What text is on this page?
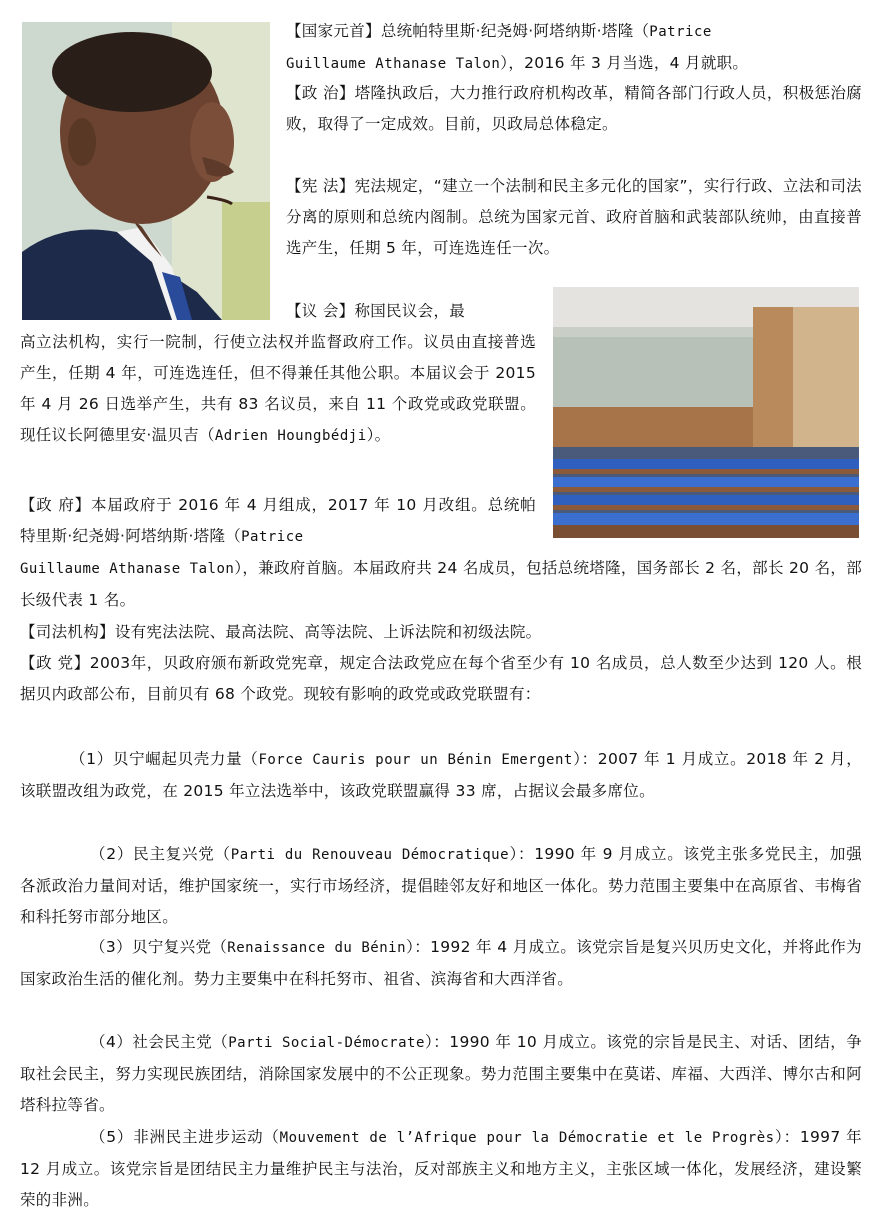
【国家元首】总统帕特里斯·纪尧姆·阿塔纳斯·塔隆（Patrice
Guillaume Athanase Talon），2016 年 3 月当选，4 月就职。
【政 治】塔隆执政后，大力推行政府机构改革，精简各部门行政人员，积极惩治腐败，取得了一定成效。目前，贝政局总体稳定。
【宪 法】宪法规定，“建立一个法制和民主多元化的国家”，实行行政、立法和司法分离的原则和总统内阁制。总统为国家元首、政府首脑和武装部队统帅，由直接普选产生，任期 5 年，可连选连任一次。
【议 会】称国民议会，最
高立法机构，实行一院制，行使立法权并监督政府工作。议员由直接普选产生，任期 4 年，可连选连任，但不得兼任其他公职。本届议会于 2015 年 4 月 26 日选举产生，共有 83 名议员，来自 11 个政党或政党联盟。现任议长阿德里安·温贝吉（Adrien Houngbédji）。
【政 府】本届政府于 2016 年 4 月组成，2017 年 10 月改组。总统帕特里斯·纪尧姆·阿塔纳斯·塔隆（Patrice
Guillaume Athanase Talon），兼政府首脑。本届政府共 24 名成员，包括总统塔隆，国务部长 2 名，部长 20 名，部长级代表 1 名。
【司法机构】设有宪法法院、最高法院、高等法院、上诉法院和初级法院。
【政 党】2003年，贝政府颁布新政党宪章，规定合法政党应在每个省至少有 10 名成员，总人数至少达到 120 人。根据贝内政部公布，目前贝有 68 个政党。现较有影响的政党或政党联盟有：
（1）贝宁崛起贝壳力量（Force Cauris pour un Bénin Emergent）：2007 年 1 月成立。2018 年 2 月，该联盟改组为政党，在 2015 年立法选举中，该政党联盟赢得 33 席，占据议会最多席位。
（2）民主复兴党（Parti du Renouveau Démocratique）：1990 年 9 月成立。该党主张多党民主，加强各派政治力量间对话，维护国家统一，实行市场经济，提倡睦邻友好和地区一体化。势力范围主要集中在高原省、韦梅省和科托努市部分地区。
（3）贝宁复兴党（Renaissance du Bénin）：1992 年 4 月成立。该党宗旨是复兴贝历史文化，并将此作为国家政治生活的催化剂。势力主要集中在科托努市、祖省、滨海省和大西洋省。
（4）社会民主党（Parti Social-Démocrate）：1990 年 10 月成立。该党的宗旨是民主、对话、团结，争取社会民主，努力实现民族团结，消除国家发展中的不公正现象。势力范围主要集中在莫诺、库福、大西洋、博尔古和阿塔科拉等省。
（5）非洲民主进步运动（Mouvement de l’Afrique pour la Démocratie et le Progrès）：1997 年 12 月成立。该党宗旨是团结民主力量维护民主与法治，反对部族主义和地方主义，主张区域一体化，发展经济，建设繁荣的非洲。
